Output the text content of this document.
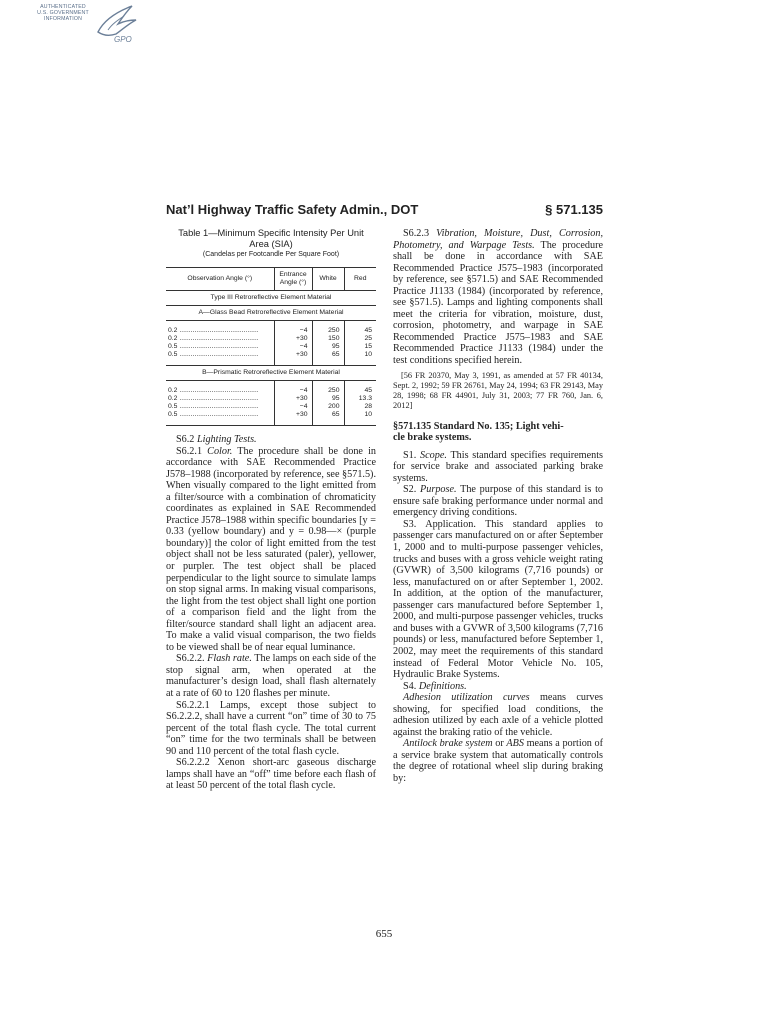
AUTHENTICATED
U.S. GOVERNMENT
INFORMATION
GPO
Nat’l Highway Traffic Safety Admin., DOT	§ 571.135
Table 1—Minimum Specific Intensity Per Unit Area (SIA)
(Candelas per Footcandle Per Square Foot)
Observation Angle (°)	Entrance Angle (°)	White	Red
Type III Retroreflective Element Material			
A—Glass Bead Retroreflective Element Material			

0.2 ..........................................	−4	250	45
0.2 ..........................................	+30	150	25
0.5 ..........................................	−4	95	15
0.5 ..........................................	+30	65	10

B—Prismatic Retroreflective Element Material			

0.2 ..........................................	−4	250	45
0.2 ..........................................	+30	95	13.3
0.5 ..........................................	−4	200	28
0.5 ..........................................	+30	65	10

S6.2 Lighting Tests.

S6.2.1 Color. The procedure shall be done in accordance with SAE Recommended Practice J578–1988 (incorporated by reference, see §571.5). When visually compared to the light emitted from a filter/source with a combination of chromaticity coordinates as explained in SAE Recommended Practice J578–1988 within specific boundaries [y = 0.33 (yellow boundary) and y = 0.98—× (purple boundary)] the color of light emitted from the test object shall not be less saturated (paler), yellower, or purpler. The test object shall be placed perpendicular to the light source to simulate lamps on stop signal arms. In making visual comparisons, the light from the test object shall light one portion of a comparison field and the light from the filter/source standard shall light an adjacent area. To make a valid visual comparison, the two fields to be viewed shall be of near equal luminance.

S6.2.2. Flash rate. The lamps on each side of the stop signal arm, when operated at the manufacturer’s design load, shall flash alternately at a rate of 60 to 120 flashes per minute.

S6.2.2.1 Lamps, except those subject to S6.2.2.2, shall have a current “on” time of 30 to 75 percent of the total flash cycle. The total current “on” time for the two terminals shall be between 90 and 110 percent of the total flash cycle.

S6.2.2.2 Xenon short-arc gaseous discharge lamps shall have an “off” time before each flash of at least 50 percent of the total flash cycle.

S6.2.3 Vibration, Moisture, Dust, Corrosion, Photometry, and Warpage Tests. The procedure shall be done in accordance with SAE Recommended Practice J575–1983 (incorporated by reference, see §571.5) and SAE Recommended Practice J1133 (1984) (incorporated by reference, see §571.5). Lamps and lighting components shall meet the criteria for vibration, moisture, dust, corrosion, photometry, and warpage in SAE Recommended Practice J575–1983 and SAE Recommended Practice J1133 (1984) under the test conditions specified herein.

[56 FR 20370, May 3, 1991, as amended at 57 FR 40134, Sept. 2, 1992; 59 FR 26761, May 24, 1994; 63 FR 29143, May 28, 1998; 68 FR 44901, July 31, 2003; 77 FR 760, Jan. 6, 2012]

§571.135 Standard No. 135; Light vehi-
cle brake systems.

S1. Scope. This standard specifies requirements for service brake and associated parking brake systems.

S2. Purpose. The purpose of this standard is to ensure safe braking performance under normal and emergency driving conditions.

S3. Application. This standard applies to passenger cars manufactured on or after September 1, 2000 and to multi-purpose passenger vehicles, trucks and buses with a gross vehicle weight rating (GVWR) of 3,500 kilograms (7,716 pounds) or less, manufactured on or after September 1, 2002. In addition, at the option of the manufacturer, passenger cars manufactured before September 1, 2000, and multi-purpose passenger vehicles, trucks and buses with a GVWR of 3,500 kilograms (7,716 pounds) or less, manufactured before September 1, 2002, may meet the requirements of this standard instead of Federal Motor Vehicle No. 105, Hydraulic Brake Systems.

S4. Definitions.

Adhesion utilization curves means curves showing, for specified load conditions, the adhesion utilized by each axle of a vehicle plotted against the braking ratio of the vehicle.

Antilock brake system or ABS means a portion of a service brake system that automatically controls the degree of rotational wheel slip during braking by:

655
